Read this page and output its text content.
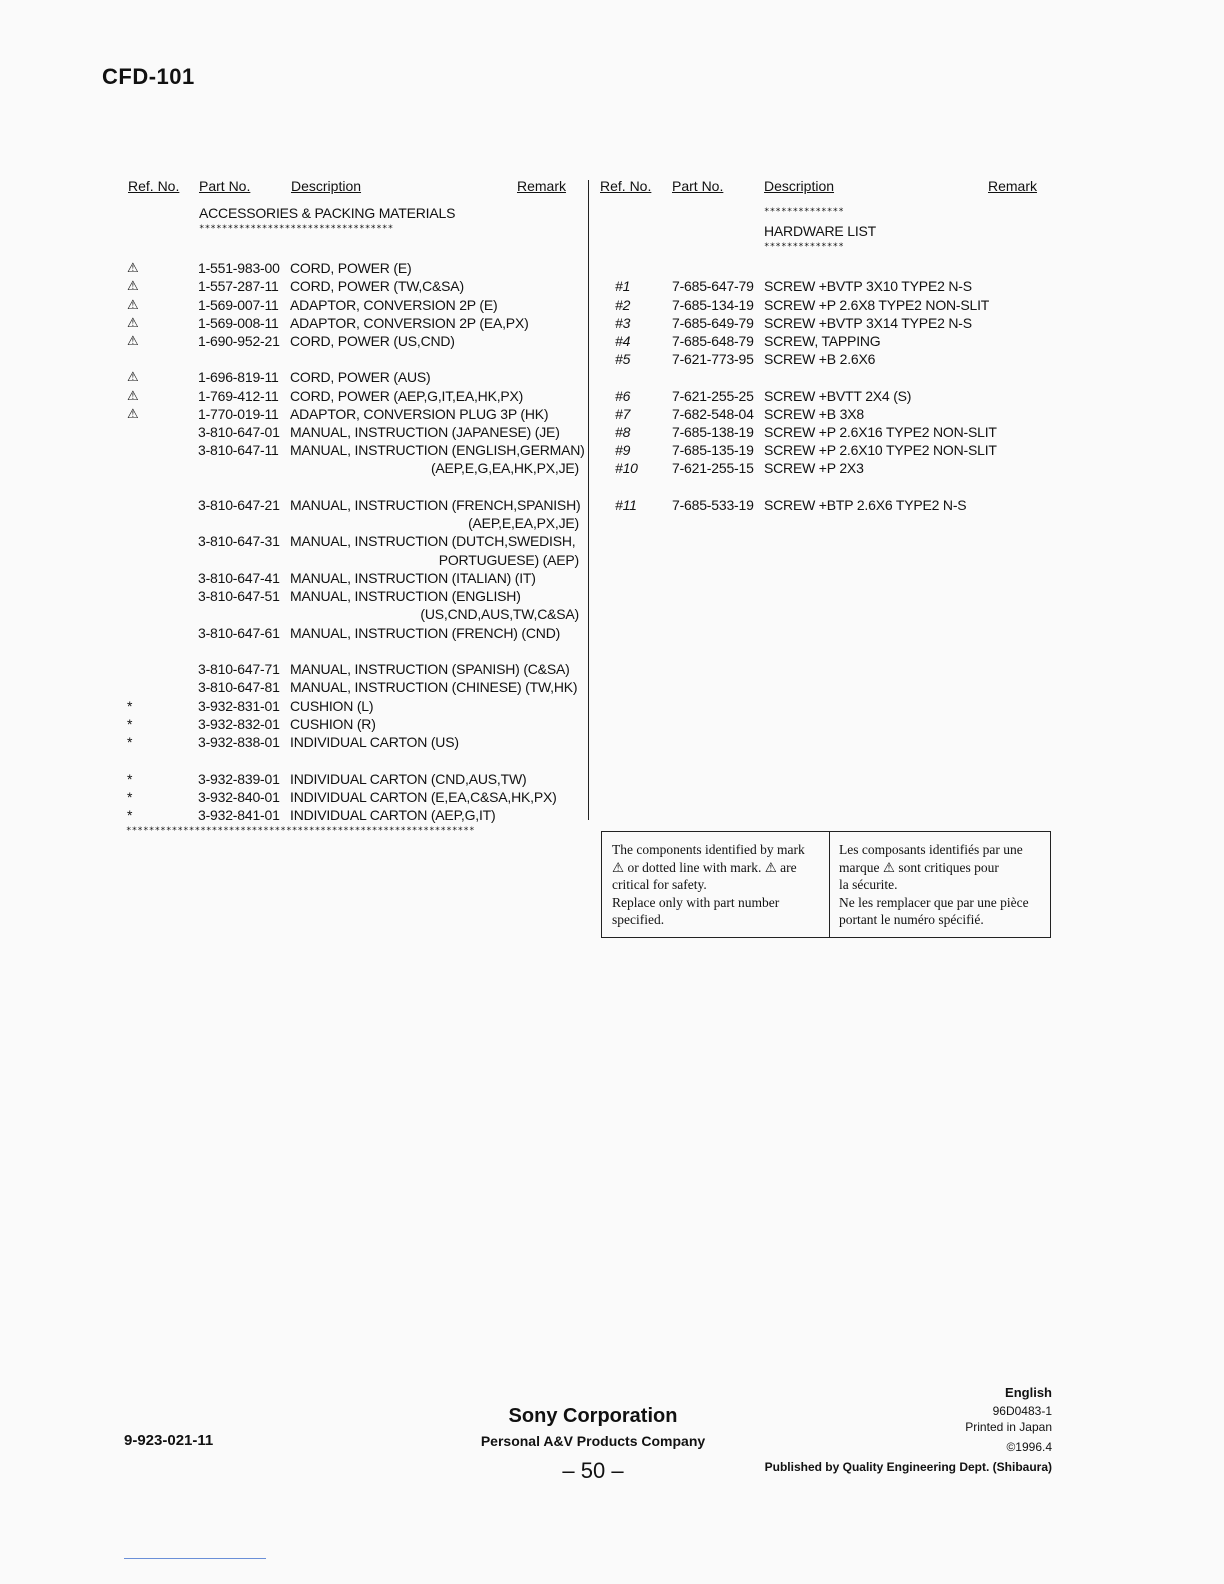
CFD-101
Ref. No. Part No.	Description	Remark Ref. No. Part No.	Description	Remark
ACCESSORIES & PACKING MATERIALS
**********************************
⚠	1-551-983-00 CORD, POWER (E)
⚠	1-557-287-11 CORD, POWER (TW,C&SA)
⚠	1-569-007-11 ADAPTOR, CONVERSION 2P (E)
⚠	1-569-008-11 ADAPTOR, CONVERSION 2P (EA,PX)
⚠	1-690-952-21 CORD, POWER (US,CND)
⚠	1-696-819-11 CORD, POWER (AUS)
⚠	1-769-412-11 CORD, POWER (AEP,G,IT,EA,HK,PX)
⚠	1-770-019-11 ADAPTOR, CONVERSION PLUG 3P (HK)
3-810-647-01 MANUAL, INSTRUCTION (JAPANESE) (JE)
3-810-647-11 MANUAL, INSTRUCTION (ENGLISH,GERMAN)
(AEP,E,G,EA,HK,PX,JE)
3-810-647-21 MANUAL, INSTRUCTION (FRENCH,SPANISH)
(AEP,E,EA,PX,JE)
3-810-647-31 MANUAL, INSTRUCTION (DUTCH,SWEDISH,
PORTUGUESE) (AEP)
3-810-647-41 MANUAL, INSTRUCTION (ITALIAN) (IT)
3-810-647-51 MANUAL, INSTRUCTION (ENGLISH)
(US,CND,AUS,TW,C&SA)
3-810-647-61 MANUAL, INSTRUCTION (FRENCH) (CND)
3-810-647-71 MANUAL, INSTRUCTION (SPANISH) (C&SA)
3-810-647-81 MANUAL, INSTRUCTION (CHINESE) (TW,HK)
*	3-932-831-01 CUSHION (L)
*	3-932-832-01 CUSHION (R)
*	3-932-838-01 INDIVIDUAL CARTON (US)
*	3-932-839-01 INDIVIDUAL CARTON (CND,AUS,TW)
*	3-932-840-01 INDIVIDUAL CARTON (E,EA,C&SA,HK,PX)
*	3-932-841-01 INDIVIDUAL CARTON (AEP,G,IT)
*************************************************************
**************
HARDWARE LIST
**************
#1	7-685-647-79 SCREW +BVTP 3X10 TYPE2 N-S
#2	7-685-134-19 SCREW +P 2.6X8 TYPE2 NON-SLIT
#3	7-685-649-79 SCREW +BVTP 3X14 TYPE2 N-S
#4	7-685-648-79 SCREW, TAPPING
#5	7-621-773-95 SCREW +B 2.6X6
#6	7-621-255-25 SCREW +BVTT 2X4 (S)
#7	7-682-548-04 SCREW +B 3X8
#8	7-685-138-19 SCREW +P 2.6X16 TYPE2 NON-SLIT
#9	7-685-135-19 SCREW +P 2.6X10 TYPE2 NON-SLIT
#10 7-621-255-15 SCREW +P 2X3
#11	7-685-533-19 SCREW +BTP 2.6X6 TYPE2 N-S
The components identified by mark
⚠ or dotted line with mark. ⚠ are
critical for safety.
Replace only with part number
specified.
Les composants identifiés par une
marque ⚠ sont critiques pour
la sécurite.
Ne les remplacer que par une pièce
portant le numéro spécifié.
9-923-021-11
Sony Corporation
Personal A&V Products Company
– 50 –
English
96D0483-1
Printed in Japan
©1996.4
Published by Quality Engineering Dept. (Shibaura)
